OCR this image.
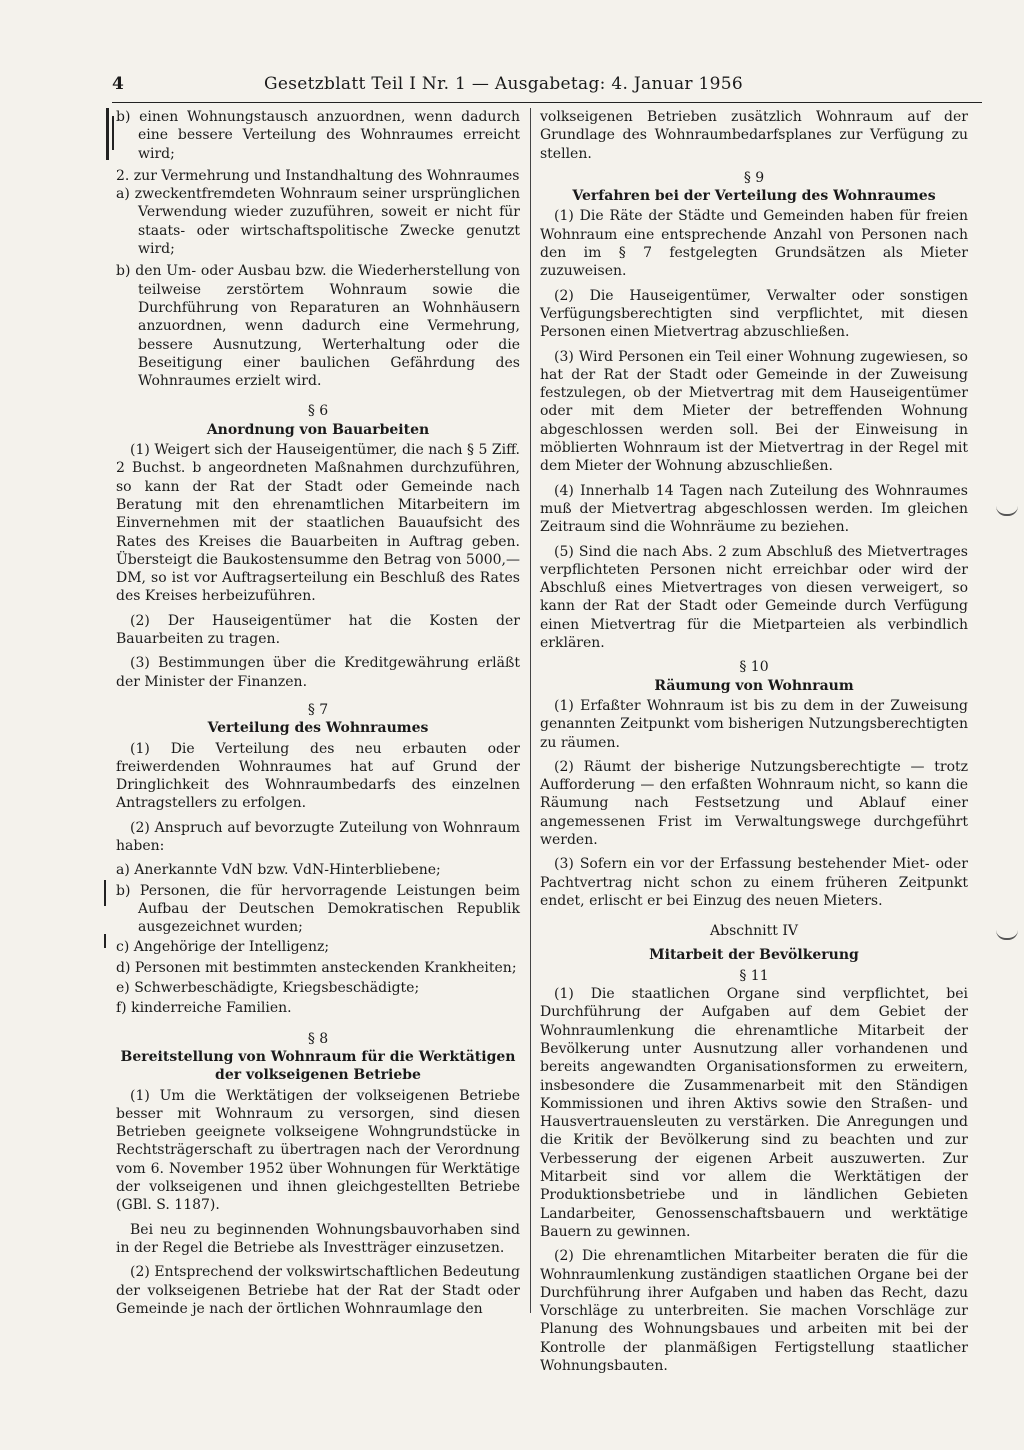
4	Gesetzblatt Teil I Nr. 1 — Ausgabetag: 4. Januar 1956

b) einen Wohnungstausch anzuordnen, wenn dadurch eine bessere Verteilung des Wohnraumes erreicht wird;

2. zur Vermehrung und Instandhaltung des Wohnraumes

a) zweckentfremdeten Wohnraum seiner ursprünglichen Verwendung wieder zuzuführen, soweit er nicht für staats- oder wirtschaftspolitische Zwecke genutzt wird;

b) den Um- oder Ausbau bzw. die Wiederherstellung von teilweise zerstörtem Wohnraum sowie die Durchführung von Reparaturen an Wohnhäusern anzuordnen, wenn dadurch eine Vermehrung, bessere Ausnutzung, Werterhaltung oder die Beseitigung einer baulichen Gefährdung des Wohnraumes erzielt wird.

§ 6

Anordnung von Bauarbeiten

(1) Weigert sich der Hauseigentümer, die nach § 5 Ziff. 2 Buchst. b angeordneten Maßnahmen durchzuführen, so kann der Rat der Stadt oder Gemeinde nach Beratung mit den ehrenamtlichen Mitarbeitern im Einvernehmen mit der staatlichen Bauaufsicht des Rates des Kreises die Bauarbeiten in Auftrag geben. Übersteigt die Baukostensumme den Betrag von 5000,— DM, so ist vor Auftragserteilung ein Beschluß des Rates des Kreises herbeizuführen.

(2) Der Hauseigentümer hat die Kosten der Bauarbeiten zu tragen.

(3) Bestimmungen über die Kreditgewährung erläßt der Minister der Finanzen.

§ 7

Verteilung des Wohnraumes

(1) Die Verteilung des neu erbauten oder freiwerdenden Wohnraumes hat auf Grund der Dringlichkeit des Wohnraumbedarfs des einzelnen Antragstellers zu erfolgen.

(2) Anspruch auf bevorzugte Zuteilung von Wohnraum haben:

a) Anerkannte VdN bzw. VdN-Hinterbliebene;

b) Personen, die für hervorragende Leistungen beim Aufbau der Deutschen Demokratischen Republik ausgezeichnet wurden;

c) Angehörige der Intelligenz;

d) Personen mit bestimmten ansteckenden Krankheiten;

e) Schwerbeschädigte, Kriegsbeschädigte;

f) kinderreiche Familien.

§ 8

Bereitstellung von Wohnraum für die Werktätigen der volkseigenen Betriebe

(1) Um die Werktätigen der volkseigenen Betriebe besser mit Wohnraum zu versorgen, sind diesen Betrieben geeignete volkseigene Wohngrundstücke in Rechtsträgerschaft zu übertragen nach der Verordnung vom 6. November 1952 über Wohnungen für Werktätige der volkseigenen und ihnen gleichgestellten Betriebe (GBl. S. 1187).

Bei neu zu beginnenden Wohnungsbauvorhaben sind in der Regel die Betriebe als Investträger einzusetzen.

(2) Entsprechend der volkswirtschaftlichen Bedeutung der volkseigenen Betriebe hat der Rat der Stadt oder Gemeinde je nach der örtlichen Wohnraumlage den

volkseigenen Betrieben zusätzlich Wohnraum auf der Grundlage des Wohnraumbedarfsplanes zur Verfügung zu stellen.

§ 9

Verfahren bei der Verteilung des Wohnraumes

(1) Die Räte der Städte und Gemeinden haben für freien Wohnraum eine entsprechende Anzahl von Personen nach den im § 7 festgelegten Grundsätzen als Mieter zuzuweisen.

(2) Die Hauseigentümer, Verwalter oder sonstigen Verfügungsberechtigten sind verpflichtet, mit diesen Personen einen Mietvertrag abzuschließen.

(3) Wird Personen ein Teil einer Wohnung zugewiesen, so hat der Rat der Stadt oder Gemeinde in der Zuweisung festzulegen, ob der Mietvertrag mit dem Hauseigentümer oder mit dem Mieter der betreffenden Wohnung abgeschlossen werden soll. Bei der Einweisung in möblierten Wohnraum ist der Mietvertrag in der Regel mit dem Mieter der Wohnung abzuschließen.

(4) Innerhalb 14 Tagen nach Zuteilung des Wohnraumes muß der Mietvertrag abgeschlossen werden. Im gleichen Zeitraum sind die Wohnräume zu beziehen.

(5) Sind die nach Abs. 2 zum Abschluß des Mietvertrages verpflichteten Personen nicht erreichbar oder wird der Abschluß eines Mietvertrages von diesen verweigert, so kann der Rat der Stadt oder Gemeinde durch Verfügung einen Mietvertrag für die Mietparteien als verbindlich erklären.

§ 10

Räumung von Wohnraum

(1) Erfaßter Wohnraum ist bis zu dem in der Zuweisung genannten Zeitpunkt vom bisherigen Nutzungsberechtigten zu räumen.

(2) Räumt der bisherige Nutzungsberechtigte — trotz Aufforderung — den erfaßten Wohnraum nicht, so kann die Räumung nach Festsetzung und Ablauf einer angemessenen Frist im Verwaltungswege durchgeführt werden.

(3) Sofern ein vor der Erfassung bestehender Miet- oder Pachtvertrag nicht schon zu einem früheren Zeitpunkt endet, erlischt er bei Einzug des neuen Mieters.

Abschnitt IV

Mitarbeit der Bevölkerung

§ 11

(1) Die staatlichen Organe sind verpflichtet, bei Durchführung der Aufgaben auf dem Gebiet der Wohnraumlenkung die ehrenamtliche Mitarbeit der Bevölkerung unter Ausnutzung aller vorhandenen und bereits angewandten Organisationsformen zu erweitern, insbesondere die Zusammenarbeit mit den Ständigen Kommissionen und ihren Aktivs sowie den Straßen- und Hausvertrauensleuten zu verstärken. Die Anregungen und die Kritik der Bevölkerung sind zu beachten und zur Verbesserung der eigenen Arbeit auszuwerten. Zur Mitarbeit sind vor allem die Werktätigen der Produktionsbetriebe und in ländlichen Gebieten Landarbeiter, Genossenschaftsbauern und werktätige Bauern zu gewinnen.

(2) Die ehrenamtlichen Mitarbeiter beraten die für die Wohnraumlenkung zuständigen staatlichen Organe bei der Durchführung ihrer Aufgaben und haben das Recht, dazu Vorschläge zu unterbreiten. Sie machen Vorschläge zur Planung des Wohnungsbaues und arbeiten mit bei der Kontrolle der planmäßigen Fertigstellung staatlicher Wohnungsbauten.
